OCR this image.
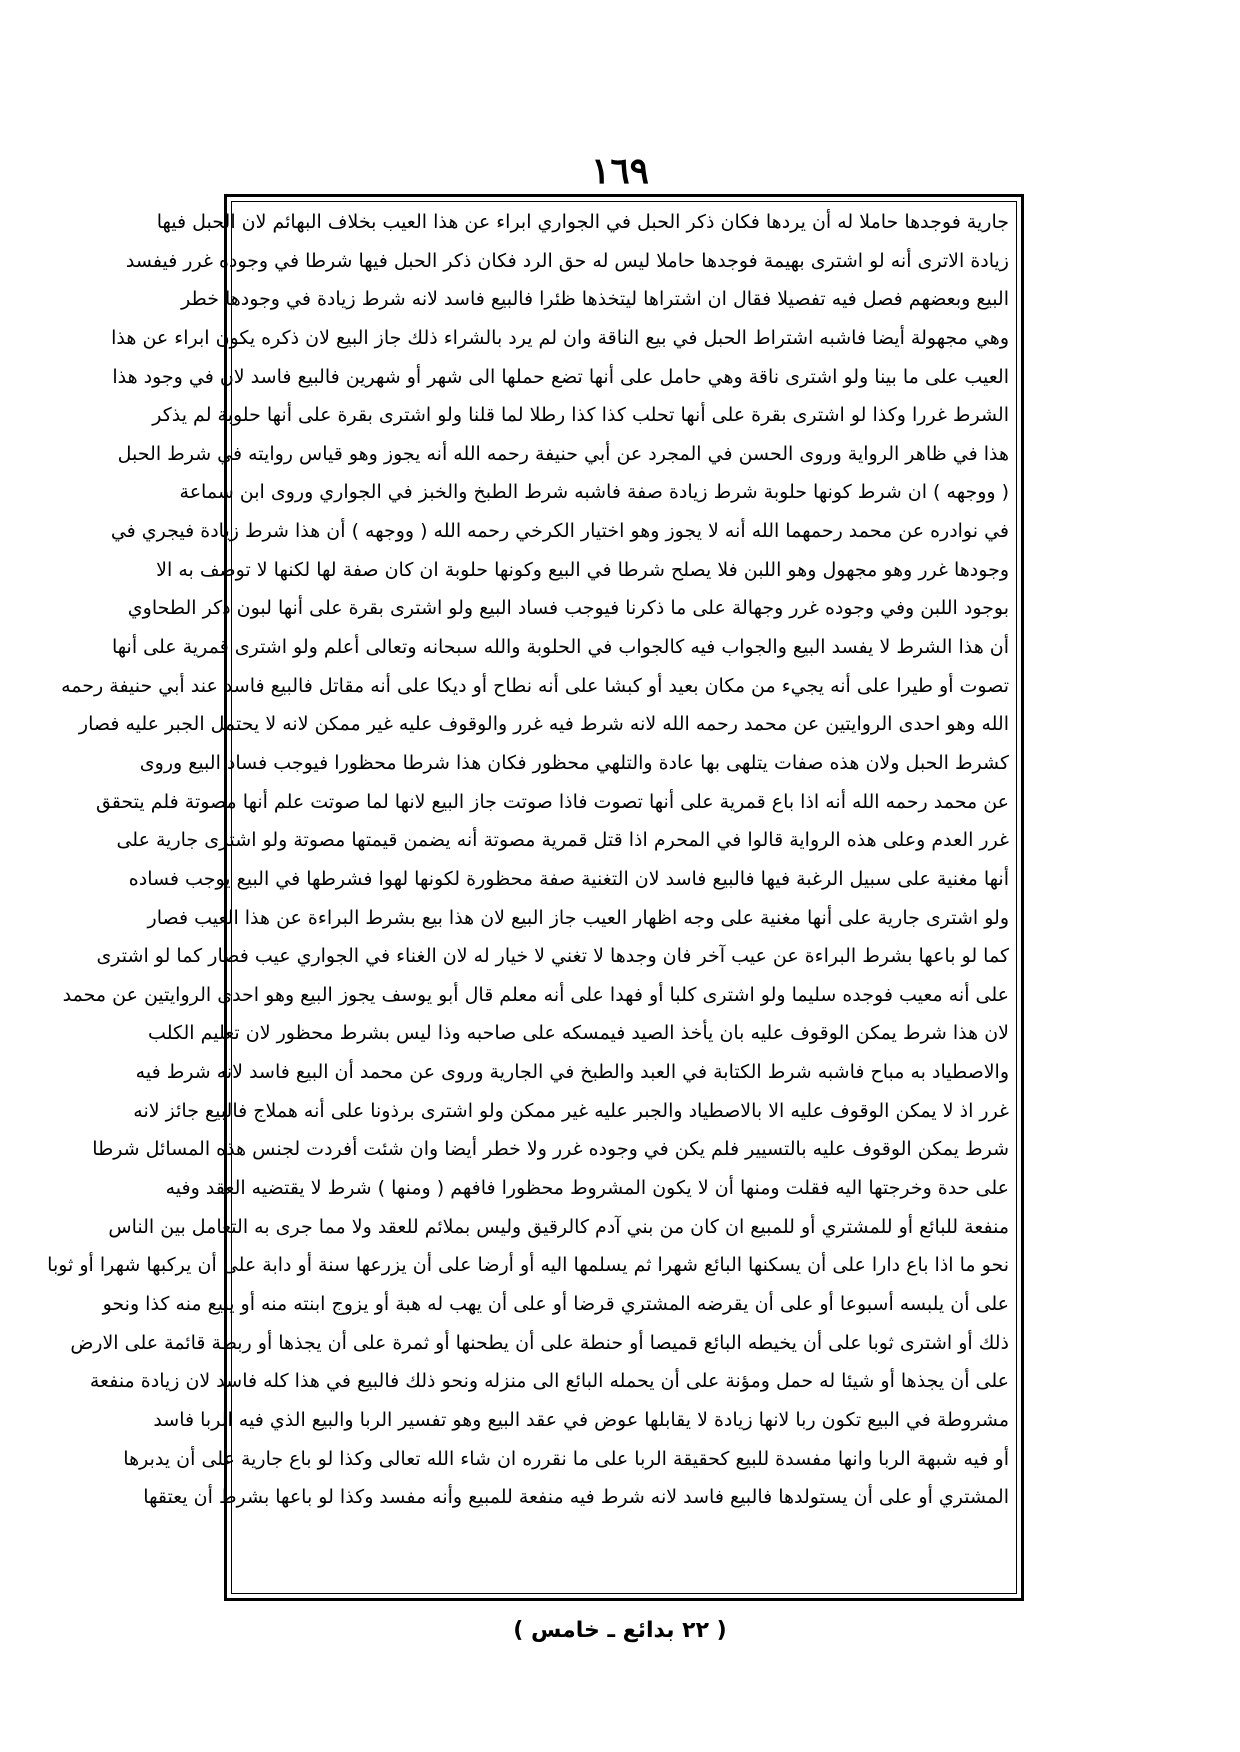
١٦٩
جارية فوجدها حاملا له أن يردها فكان ذكر الحبل في الجواري ابراء عن هذا العيب بخلاف البهائم لان الحبل فيها
زيادة الاترى أنه لو اشترى بهيمة فوجدها حاملا ليس له حق الرد فكان ذكر الحبل فيها شرطا في وجوده غرر فيفسد
البيع وبعضهم فصل فيه تفصيلا فقال ان اشتراها ليتخذها ظئرا فالبيع فاسد لانه شرط زيادة في وجودها خطر
وهي مجهولة أيضا فاشبه اشتراط الحبل في بيع الناقة وان لم يرد بالشراء ذلك جاز البيع لان ذكره يكون ابراء عن هذا
العيب على ما بينا ولو اشترى ناقة وهي حامل على أنها تضع حملها الى شهر أو شهرين فالبيع فاسد لان في وجود هذا
الشرط غررا وكذا لو اشترى بقرة على أنها تحلب كذا كذا رطلا لما قلنا ولو اشترى بقرة على أنها حلوبة لم يذكر
هذا في ظاهر الرواية وروى الحسن في المجرد عن أبي حنيفة رحمه الله أنه يجوز وهو قياس روايته في شرط الحبل
( ووجهه ) ان شرط كونها حلوبة شرط زيادة صفة فاشبه شرط الطبخ والخبز في الجواري وروى ابن سماعة
في نوادره عن محمد رحمهما الله أنه لا يجوز وهو اختيار الكرخي رحمه الله ( ووجهه ) أن هذا شرط زيادة فيجري في
وجودها غرر وهو مجهول وهو اللبن فلا يصلح شرطا في البيع وكونها حلوبة ان كان صفة لها لكنها لا توصف به الا
بوجود اللبن وفي وجوده غرر وجهالة على ما ذكرنا فيوجب فساد البيع ولو اشترى بقرة على أنها لبون ذكر الطحاوي
أن هذا الشرط لا يفسد البيع والجواب فيه كالجواب في الحلوبة والله سبحانه وتعالى أعلم ولو اشترى قمرية على أنها
تصوت أو طيرا على أنه يجيء من مكان بعيد أو كبشا على أنه نطاح أو ديكا على أنه مقاتل فالبيع فاسد عند أبي حنيفة رحمه
الله وهو احدى الروايتين عن محمد رحمه الله لانه شرط فيه غرر والوقوف عليه غير ممكن لانه لا يحتمل الجبر عليه فصار
كشرط الحبل ولان هذه صفات يتلهى بها عادة والتلهي محظور فكان هذا شرطا محظورا فيوجب فساد البيع وروى
عن محمد رحمه الله أنه اذا باع قمرية على أنها تصوت فاذا صوتت جاز البيع لانها لما صوتت علم أنها مصوتة فلم يتحقق
غرر العدم وعلى هذه الرواية قالوا في المحرم اذا قتل قمرية مصوتة أنه يضمن قيمتها مصوتة ولو اشترى جارية على
أنها مغنية على سبيل الرغبة فيها فالبيع فاسد لان التغنية صفة محظورة لكونها لهوا فشرطها في البيع يوجب فساده
ولو اشترى جارية على أنها مغنية على وجه اظهار العيب جاز البيع لان هذا بيع بشرط البراءة عن هذا العيب فصار
كما لو باعها بشرط البراءة عن عيب آخر فان وجدها لا تغني لا خيار له لان الغناء في الجواري عيب فصار كما لو اشترى
على أنه معيب فوجده سليما ولو اشترى كلبا أو فهدا على أنه معلم قال أبو يوسف يجوز البيع وهو احدى الروايتين عن محمد
لان هذا شرط يمكن الوقوف عليه بان يأخذ الصيد فيمسكه على صاحبه وذا ليس بشرط محظور لان تعليم الكلب
والاصطياد به مباح فاشبه شرط الكتابة في العبد والطبخ في الجارية وروى عن محمد أن البيع فاسد لانه شرط فيه
غرر اذ لا يمكن الوقوف عليه الا بالاصطياد والجبر عليه غير ممكن ولو اشترى برذونا على أنه هملاج فالبيع جائز لانه
شرط يمكن الوقوف عليه بالتسيير فلم يكن في وجوده غرر ولا خطر أيضا وان شئت أفردت لجنس هذه المسائل شرطا
على حدة وخرجتها اليه فقلت ومنها أن لا يكون المشروط محظورا فافهم ( ومنها ) شرط لا يقتضيه العقد وفيه
منفعة للبائع أو للمشتري أو للمبيع ان كان من بني آدم كالرقيق وليس بملائم للعقد ولا مما جرى به التعامل بين الناس
نحو ما اذا باع دارا على أن يسكنها البائع شهرا ثم يسلمها اليه أو أرضا على أن يزرعها سنة أو دابة على أن يركبها شهرا أو ثوبا
على أن يلبسه أسبوعا أو على أن يقرضه المشتري قرضا أو على أن يهب له هبة أو يزوج ابنته منه أو يبيع منه كذا ونحو
ذلك أو اشترى ثوبا على أن يخيطه البائع قميصا أو حنطة على أن يطحنها أو ثمرة على أن يجذها أو ربطة قائمة على الارض
على أن يجذها أو شيئا له حمل ومؤنة على أن يحمله البائع الى منزله ونحو ذلك فالبيع في هذا كله فاسد لان زيادة منفعة
مشروطة في البيع تكون ربا لانها زيادة لا يقابلها عوض في عقد البيع وهو تفسير الربا والبيع الذي فيه الربا فاسد
أو فيه شبهة الربا وانها مفسدة للبيع كحقيقة الربا على ما نقرره ان شاء الله تعالى وكذا لو باع جارية على أن يدبرها
المشتري أو على أن يستولدها فالبيع فاسد لانه شرط فيه منفعة للمبيع وأنه مفسد وكذا لو باعها بشرط أن يعتقها
( ٢٢ بدائع ـ خامس )
